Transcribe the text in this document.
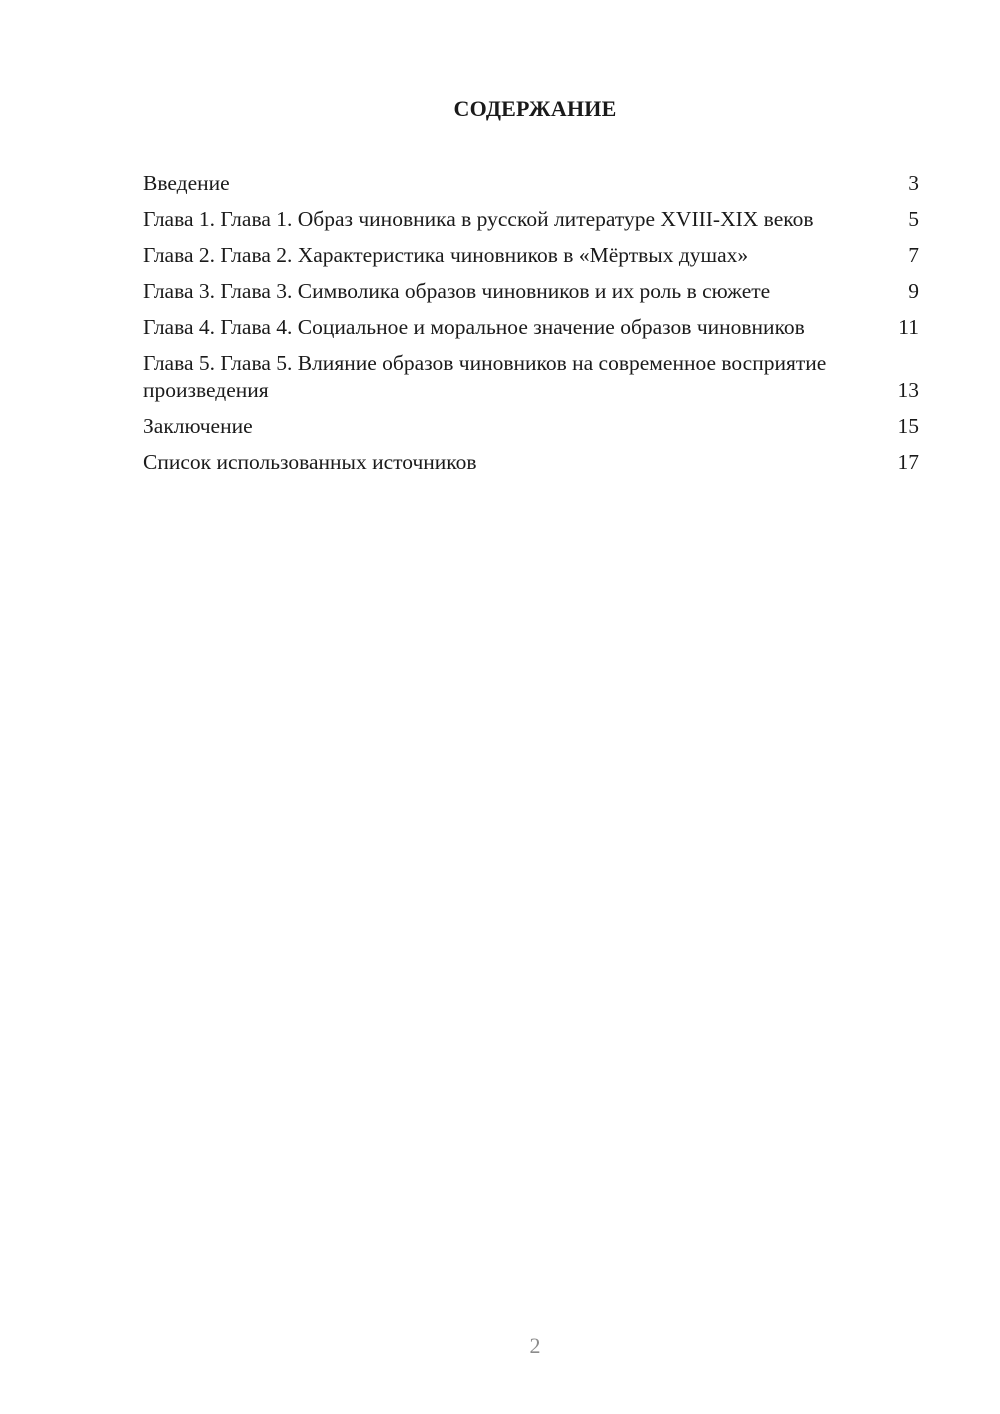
СОДЕРЖАНИЕ
Введение	3
Глава 1. Глава 1. Образ чиновника в русской литературе XVIII-XIX веков	5
Глава 2. Глава 2. Характеристика чиновников в «Мёртвых душах»	7
Глава 3. Глава 3. Символика образов чиновников и их роль в сюжете	9
Глава 4. Глава 4. Социальное и моральное значение образов чиновников	11
Глава 5. Глава 5. Влияние образов чиновников на современное восприятие произведения	13
Заключение	15
Список использованных источников	17
2
